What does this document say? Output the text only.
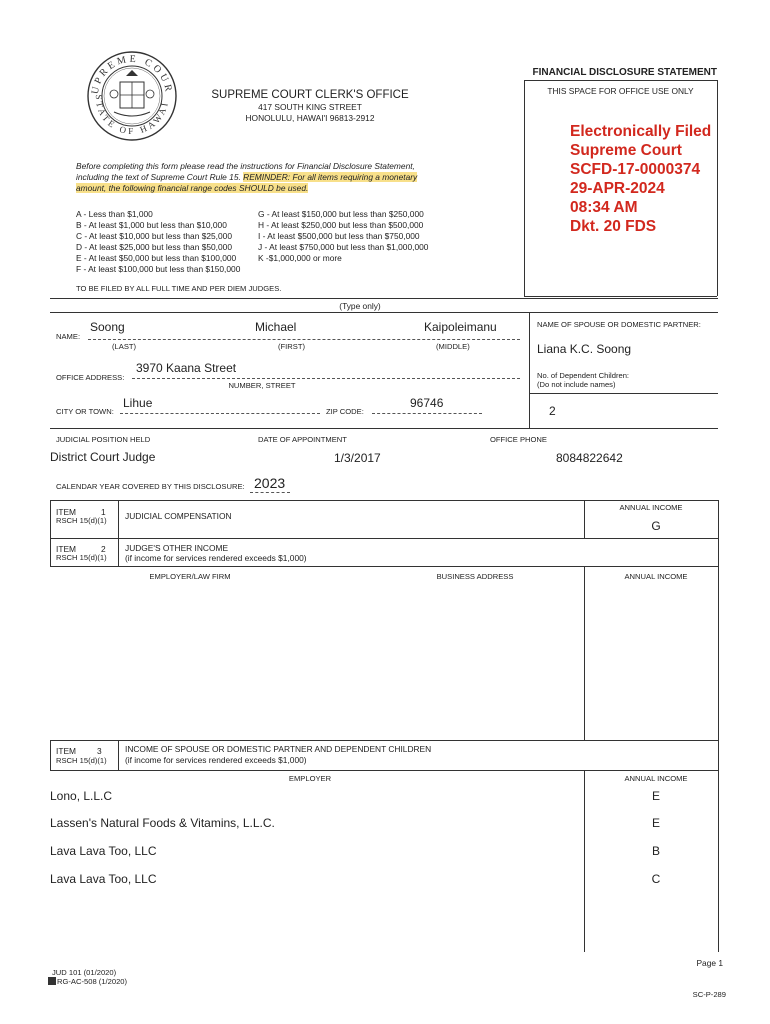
UPREME COUR
STATE OF HAWAI
SUPREME COURT CLERK'S OFFICE
417 SOUTH KING STREET
HONOLULU, HAWAI'I 96813-2912
FINANCIAL DISCLOSURE STATEMENT
THIS SPACE FOR OFFICE USE ONLY
Electronically Filed
Supreme Court
SCFD-17-0000374
29-APR-2024
08:34 AM
Dkt. 20 FDS
Before completing this form please read the instructions for Financial Disclosure Statement,
including the text of Supreme Court Rule 15. REMINDER: For all items requiring a monetary
amount, the following financial range codes SHOULD be used.
A - Less than $1,000
B - At least $1,000 but less than $10,000
C - At least $10,000 but less than $25,000
D - At least $25,000 but less than $50,000
E - At least $50,000 but less than $100,000
F - At least $100,000 but less than $150,000
G - At least $150,000 but less than $250,000
H - At least $250,000 but less than $500,000
I - At least $500,000 but less than $750,000
J - At least $750,000 but less than $1,000,000
K -$1,000,000 or more
TO BE FILED BY ALL FULL TIME AND PER DIEM JUDGES.
(Type only)
NAME:
Soong	Michael	Kaipoleimanu
(LAST)	(FIRST)	(MIDDLE)
NAME OF SPOUSE OR DOMESTIC PARTNER:
Liana K.C. Soong
OFFICE ADDRESS:
3970 Kaana Street
NUMBER, STREET
No. of Dependent Children:
(Do not include names)
2
CITY OR TOWN:
Lihue
ZIP CODE:
96746
JUDICIAL POSITION HELD	DATE OF APPOINTMENT	OFFICE PHONE
District Court Judge	1/3/2017	8084822642
CALENDAR YEAR COVERED BY THIS DISCLOSURE: 2023
ITEM	1
RSCH 15(d)(1) JUDICIAL COMPENSATION
ANNUAL INCOME
G
ITEM	2
RSCH 15(d)(1)
JUDGE'S OTHER INCOME
(if income for services rendered exceeds $1,000)
EMPLOYER/LAW FIRM	BUSINESS ADDRESS	ANNUAL INCOME
ITEM 3
RSCH 15(d)(1)
INCOME OF SPOUSE OR DOMESTIC PARTNER AND DEPENDENT CHILDREN
(if income for services rendered exceeds $1,000)
EMPLOYER	ANNUAL INCOME
Lono, L.L.C	E
Lassen's Natural Foods & Vitamins, L.L.C.	E
Lava Lava Too, LLC	B
Lava Lava Too, LLC	C
Page 1
JUD 101 (01/2020)
RG-AC-508 (1/2020)
SC-P-289
